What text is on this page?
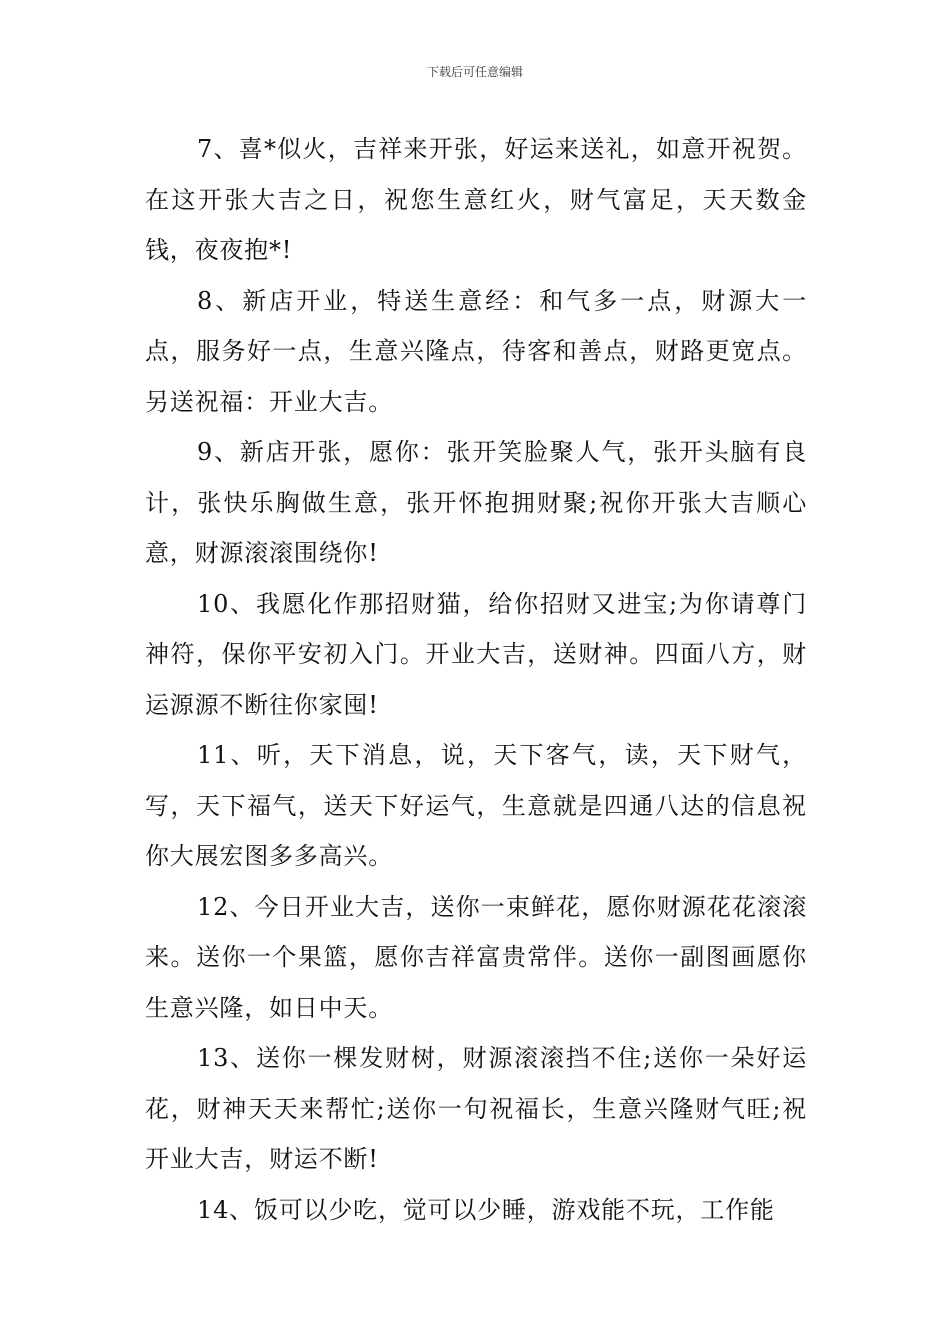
下载后可任意编辑

7、喜*似火，吉祥来开张，好运来送礼，如意开祝贺。在这开张大吉之日，祝您生意红火，财气富足，天天数金钱，夜夜抱*!

8、新店开业，特送生意经：和气多一点，财源大一点，服务好一点，生意兴隆点，待客和善点，财路更宽点。另送祝福：开业大吉。

9、新店开张，愿你：张开笑脸聚人气，张开头脑有良计，张快乐胸做生意，张开怀抱拥财聚;祝你开张大吉顺心意，财源滚滚围绕你!

10、我愿化作那招财猫，给你招财又进宝;为你请尊门神符，保你平安初入门。开业大吉，送财神。四面八方，财运源源不断往你家囤!

11、听，天下消息，说，天下客气，读，天下财气，写，天下福气，送天下好运气，生意就是四通八达的信息祝你大展宏图多多高兴。

12、今日开业大吉，送你一束鲜花，愿你财源花花滚滚来。送你一个果篮，愿你吉祥富贵常伴。送你一副图画愿你生意兴隆，如日中天。

13、送你一棵发财树，财源滚滚挡不住;送你一朵好运花，财神天天来帮忙;送你一句祝福长，生意兴隆财气旺;祝开业大吉，财运不断!

14、饭可以少吃，觉可以少睡，游戏能不玩，工作能
